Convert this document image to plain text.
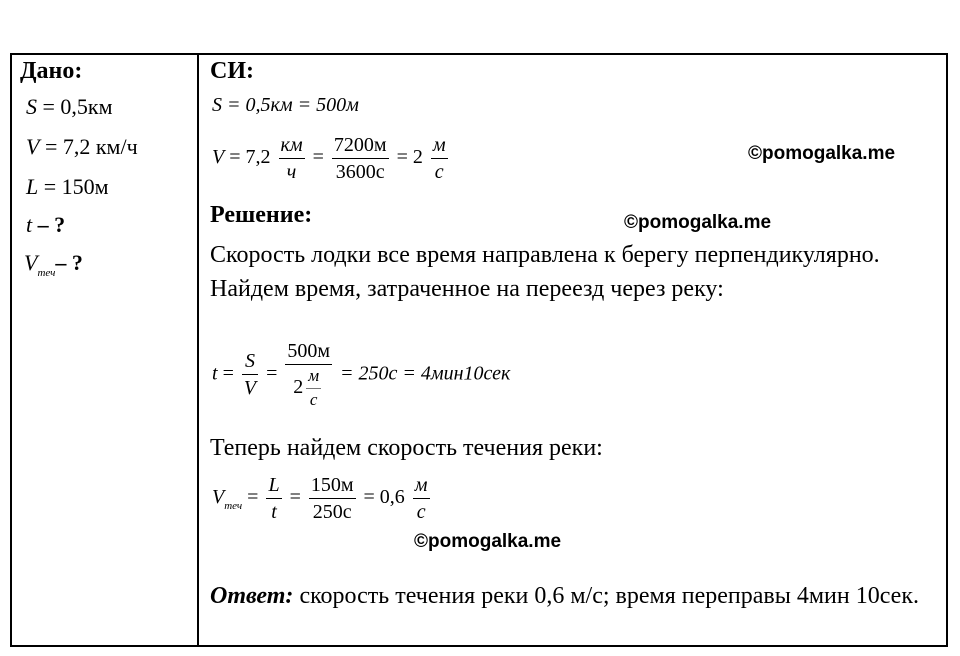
Дано:
S = 0,5км
V = 7,2 км/ч
L = 150м
t – ?
$V_{теч}-$ ?
СИ:
S = 0,5км = 500м
$V = 7,2 \frac{км}{ч} = \frac{7200м}{3600с} = 2 \frac{м}{с}$	©pomogalka.me
Решение:	©pomogalka.me
Скорость лодки все время направлена к берегу перпендикулярно. Найдем время, затраченное на переезд через реку:
$t = \frac{S}{V} = \frac{500м}{2 \frac{м}{с}} = 250с = 4мин10сек$
Теперь найдем скорость течения реки:
$V_{теч} = \frac{L}{t} = \frac{150м}{250с} = 0,6 \frac{м}{с}$
©pomogalka.me
Ответ: скорость течения реки 0,6 м/с; время переправы 4мин 10сек.
